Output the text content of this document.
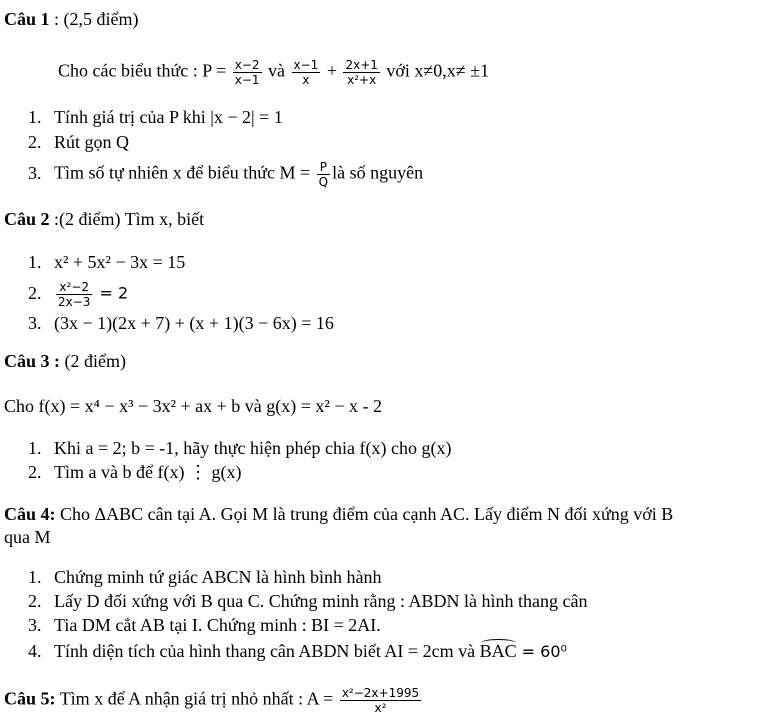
Câu 1 : (2,5 điểm)
Cho các biểu thức : $P = \frac{x-2}{x-1}$ và $\frac{x-1}{x} + \frac{2x+1}{\text{x²+x}}$ với x≠0,x≠ ±1
1. Tính giá trị của P khi |x − 2| = 1
2. Rút gọn Q
3. Tìm số tự nhiên x để biểu thức $M = \frac{P}{Q}$ là số nguyên
Câu 2 :(2 điểm) Tìm x, biết
1. x² + 5x² − 3x = 15
2. $\frac{\text{x²−2}}{2x-3} = 2$
3. (3x − 1)(2x + 7) + (x + 1)(3 − 6x) = 16
Câu 3 : (2 điểm)
Cho f(x) = x⁴ − x³ − 3x² + ax + b và g(x) = x² − x - 2
1. Khi a = 2; b = -1, hãy thực hiện phép chia f(x) cho g(x)
2. Tìm a và b để f(x) ⋮ g(x)
Câu 4: Cho ΔABC cân tại A. Gọi M là trung điểm của cạnh AC. Lấy điểm N đối xứng với B
qua M
1. Chứng minh tứ giác ABCN là hình bình hành
2. Lấy D đối xứng với B qua C. Chứng minh rằng : ABDN là hình thang cân
3. Tia DM cắt AB tại I. Chứng minh : BI = 2AI.
4. Tính diện tích của hình thang cân ABDN biết AI = 2cm và BAC = 60⁰
Câu 5: Tìm x để A nhận giá trị nhỏ nhất : $A = \frac{\text{x²−2x+1995}}{\text{x²}}$
